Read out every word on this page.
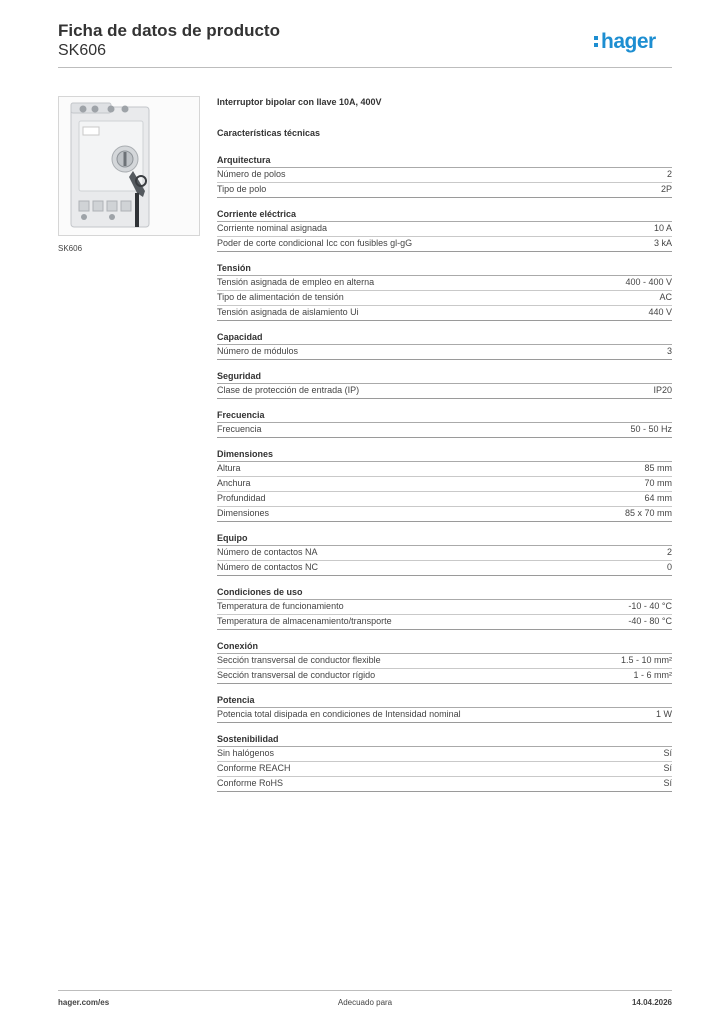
Ficha de datos de producto
SK606	hager
SK606
Interruptor bipolar con llave 10A, 400V
Características técnicas
Arquitectura
Número de polos	2
Tipo de polo	2P
Corriente eléctrica
Corriente nominal asignada	10 A
Poder de corte condicional Icc con fusibles gl-gG	3 kA
Tensión
Tensión asignada de empleo en alterna	400 - 400 V
Tipo de alimentación de tensión	AC
Tensión asignada de aislamiento Ui	440 V
Capacidad
Número de módulos	3
Seguridad
Clase de protección de entrada (IP)	IP20
Frecuencia
Frecuencia	50 - 50 Hz
Dimensiones
Altura	85 mm
Anchura	70 mm
Profundidad	64 mm
Dimensiones	85 x 70 mm
Equipo
Número de contactos NA	2
Número de contactos NC	0
Condiciones de uso
Temperatura de funcionamiento	-10 - 40 °C
Temperatura de almacenamiento/transporte	-40 - 80 °C
Conexión
Sección transversal de conductor flexible	1.5 - 10 mm²
Sección transversal de conductor rígido	1 - 6 mm²
Potencia
Potencia total disipada en condiciones de Intensidad nominal	1 W
Sostenibilidad
Sin halógenos	Sí
Conforme REACH	Sí
Conforme RoHS	Sí
hager.com/es	Adecuado para	14.04.2026
